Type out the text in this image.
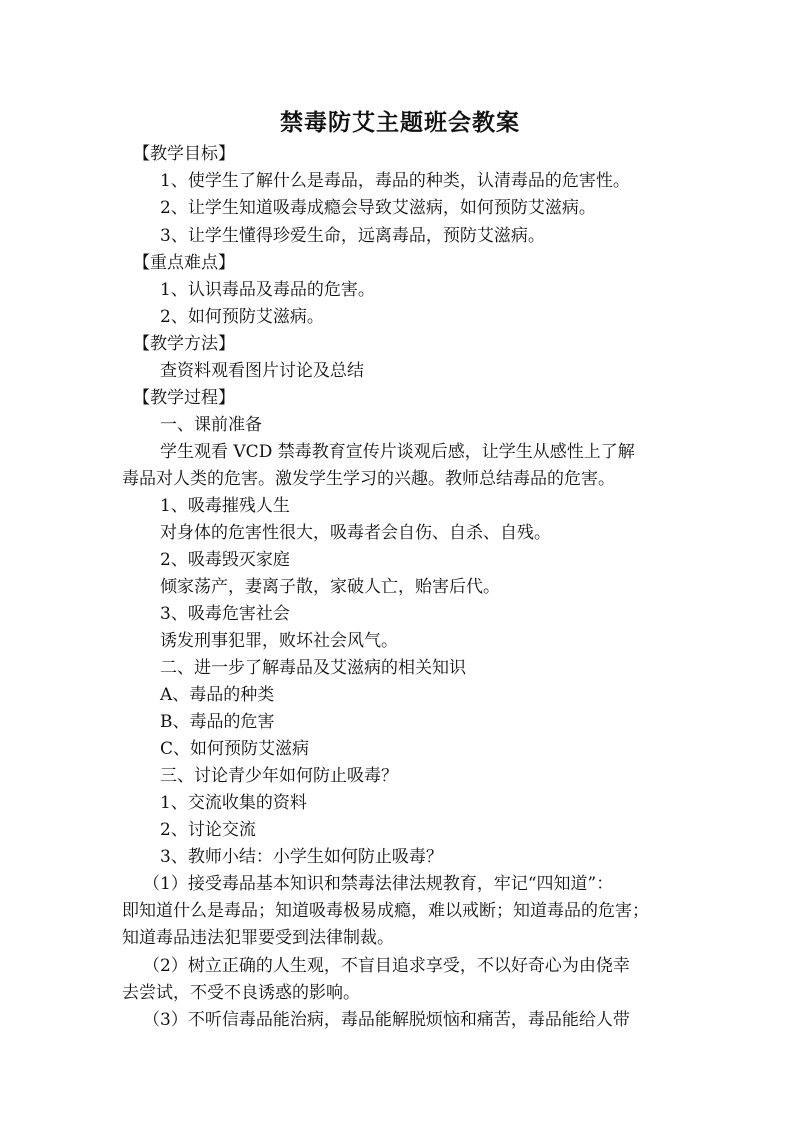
禁毒防艾主题班会教案
【教学目标】
1、使学生了解什么是毒品，毒品的种类，认清毒品的危害性。
2、让学生知道吸毒成瘾会导致艾滋病，如何预防艾滋病。
3、让学生懂得珍爱生命，远离毒品，预防艾滋病。
【重点难点】
1、认识毒品及毒品的危害。
2、如何预防艾滋病。
【教学方法】
查资料观看图片讨论及总结
【教学过程】
一、课前准备
学生观看 VCD 禁毒教育宣传片谈观后感，让学生从感性上了解
毒品对人类的危害。激发学生学习的兴趣。教师总结毒品的危害。
1、吸毒摧残人生
对身体的危害性很大，吸毒者会自伤、自杀、自残。
2、吸毒毁灭家庭
倾家荡产，妻离子散，家破人亡，贻害后代。
3、吸毒危害社会
诱发刑事犯罪，败坏社会风气。
二、进一步了解毒品及艾滋病的相关知识
A、毒品的种类
B、毒品的危害
C、如何预防艾滋病
三、讨论青少年如何防止吸毒？
1、交流收集的资料
2、讨论交流
3、教师小结：小学生如何防止吸毒？
（1）接受毒品基本知识和禁毒法律法规教育，牢记“四知道”：
即知道什么是毒品；知道吸毒极易成瘾，难以戒断；知道毒品的危害；
知道毒品违法犯罪要受到法律制裁。
（2）树立正确的人生观，不盲目追求享受，不以好奇心为由侥幸
去尝试，不受不良诱惑的影响。
（3）不听信毒品能治病，毒品能解脱烦恼和痛苦，毒品能给人带
